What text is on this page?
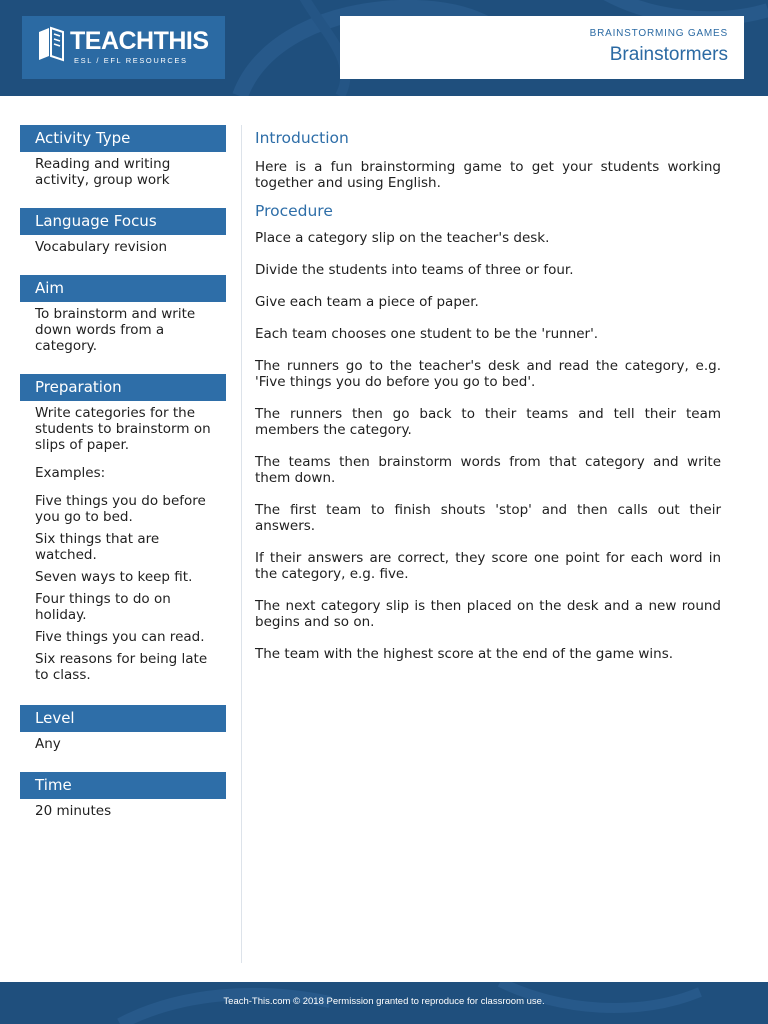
TEACHTHIS
ESL / EFL RESOURCES
BRAINSTORMING GAMES
Brainstormers
Activity Type

Reading and writing activity, group work

Language Focus

Vocabulary revision

Aim

To brainstorm and write down words from a category.

Preparation

Write categories for the students to brainstorm on slips of paper.

Examples:

Five things you do before you go to bed.

Six things that are watched.

Seven ways to keep fit.

Four things to do on holiday.

Five things you can read.

Six reasons for being late to class.

Level

Any

Time

20 minutes

Introduction

Here is a fun brainstorming game to get your students working together and using English.

Procedure

Place a category slip on the teacher's desk.

Divide the students into teams of three or four.

Give each team a piece of paper.

Each team chooses one student to be the 'runner'.

The runners go to the teacher's desk and read the category, e.g. 'Five things you do before you go to bed'.

The runners then go back to their teams and tell their team members the category.

The teams then brainstorm words from that category and write them down.

The first team to finish shouts 'stop' and then calls out their answers.

If their answers are correct, they score one point for each word in the category, e.g. five.

The next category slip is then placed on the desk and a new round begins and so on.

The team with the highest score at the end of the game wins.

Teach-This.com © 2018 Permission granted to reproduce for classroom use.
